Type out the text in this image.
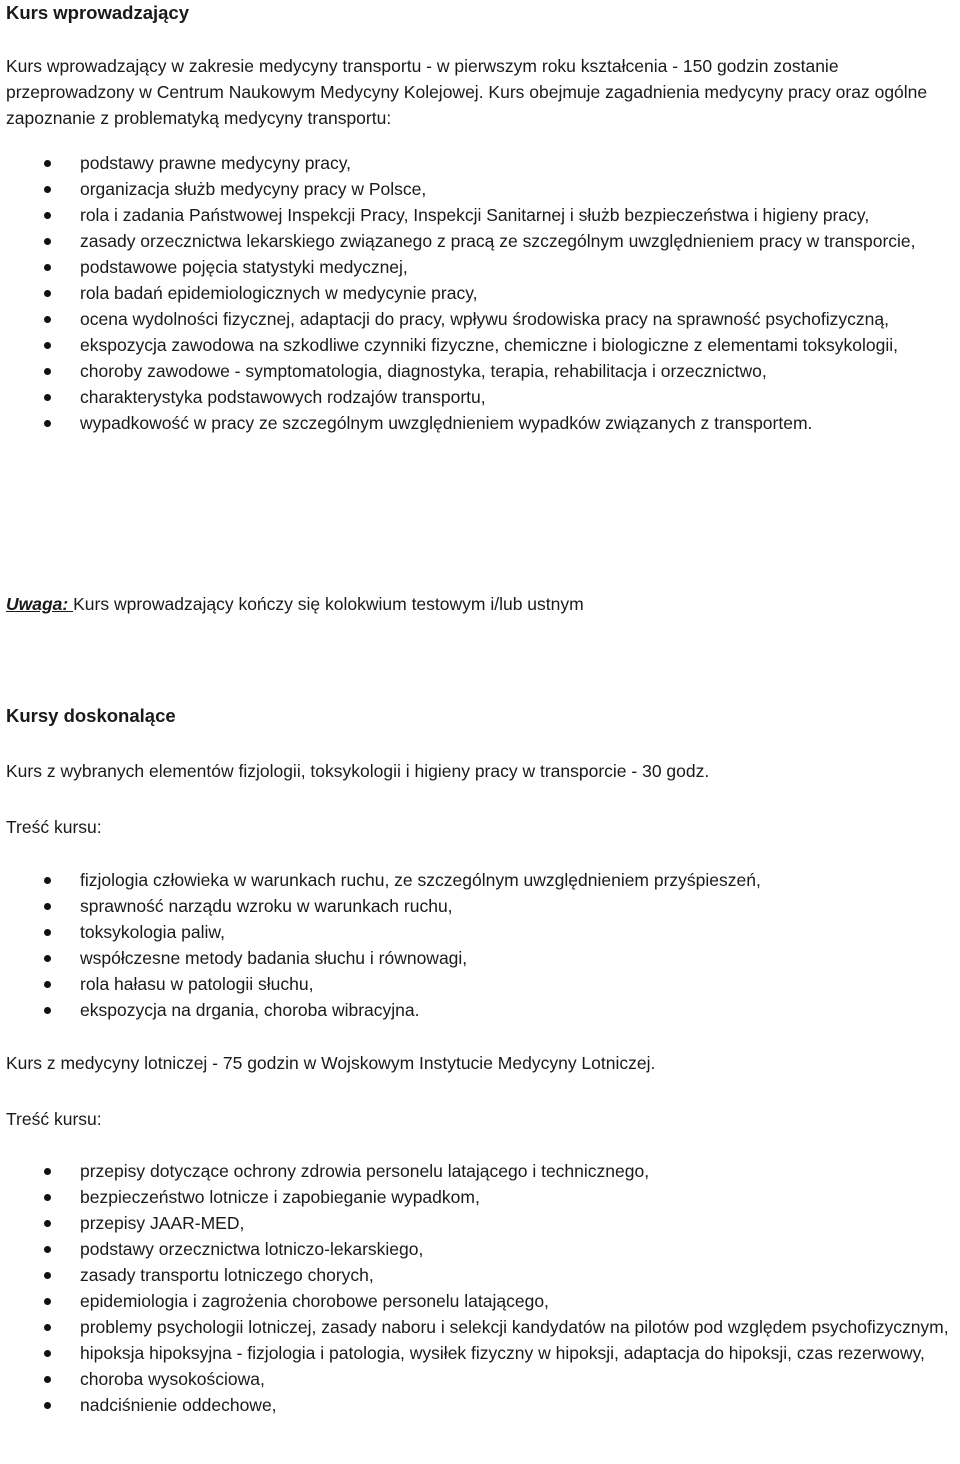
Kurs wprowadzający

Kurs wprowadzający w zakresie medycyny transportu - w pierwszym roku kształcenia - 150 godzin zostanie przeprowadzony w Centrum Naukowym Medycyny Kolejowej. Kurs obejmuje zagadnienia medycyny pracy oraz ogólne zapoznanie z problematyką medycyny transportu:

podstawy prawne medycyny pracy,
organizacja służb medycyny pracy w Polsce,
rola i zadania Państwowej Inspekcji Pracy, Inspekcji Sanitarnej i służb bezpieczeństwa i higieny pracy,
zasady orzecznictwa lekarskiego związanego z pracą ze szczególnym uwzględnieniem pracy w transporcie,
podstawowe pojęcia statystyki medycznej,
rola badań epidemiologicznych w medycynie pracy,
ocena wydolności fizycznej, adaptacji do pracy, wpływu środowiska pracy na sprawność psychofizyczną,
ekspozycja zawodowa na szkodliwe czynniki fizyczne, chemiczne i biologiczne z elementami toksykologii,
choroby zawodowe - symptomatologia, diagnostyka, terapia, rehabilitacja i orzecznictwo,
charakterystyka podstawowych rodzajów transportu,
wypadkowość w pracy ze szczególnym uwzględnieniem wypadków związanych z transportem.

Uwaga: Kurs wprowadzający kończy się kolokwium testowym i/lub ustnym

Kursy doskonalące

Kurs z wybranych elementów fizjologii, toksykologii i higieny pracy w transporcie - 30 godz.

Treść kursu:

fizjologia człowieka w warunkach ruchu, ze szczególnym uwzględnieniem przyśpieszeń,
sprawność narządu wzroku w warunkach ruchu,
toksykologia paliw,
współczesne metody badania słuchu i równowagi,
rola hałasu w patologii słuchu,
ekspozycja na drgania, choroba wibracyjna.

Kurs z medycyny lotniczej - 75 godzin w Wojskowym Instytucie Medycyny Lotniczej.

Treść kursu:

przepisy dotyczące ochrony zdrowia personelu latającego i technicznego,
bezpieczeństwo lotnicze i zapobieganie wypadkom,
przepisy JAAR-MED,
podstawy orzecznictwa lotniczo-lekarskiego,
zasady transportu lotniczego chorych,
epidemiologia i zagrożenia chorobowe personelu latającego,
problemy psychologii lotniczej, zasady naboru i selekcji kandydatów na pilotów pod względem psychofizycznym,
hipoksja hipoksyjna - fizjologia i patologia, wysiłek fizyczny w hipoksji, adaptacja do hipoksji, czas rezerwowy,
choroba wysokościowa,
nadciśnienie oddechowe,
